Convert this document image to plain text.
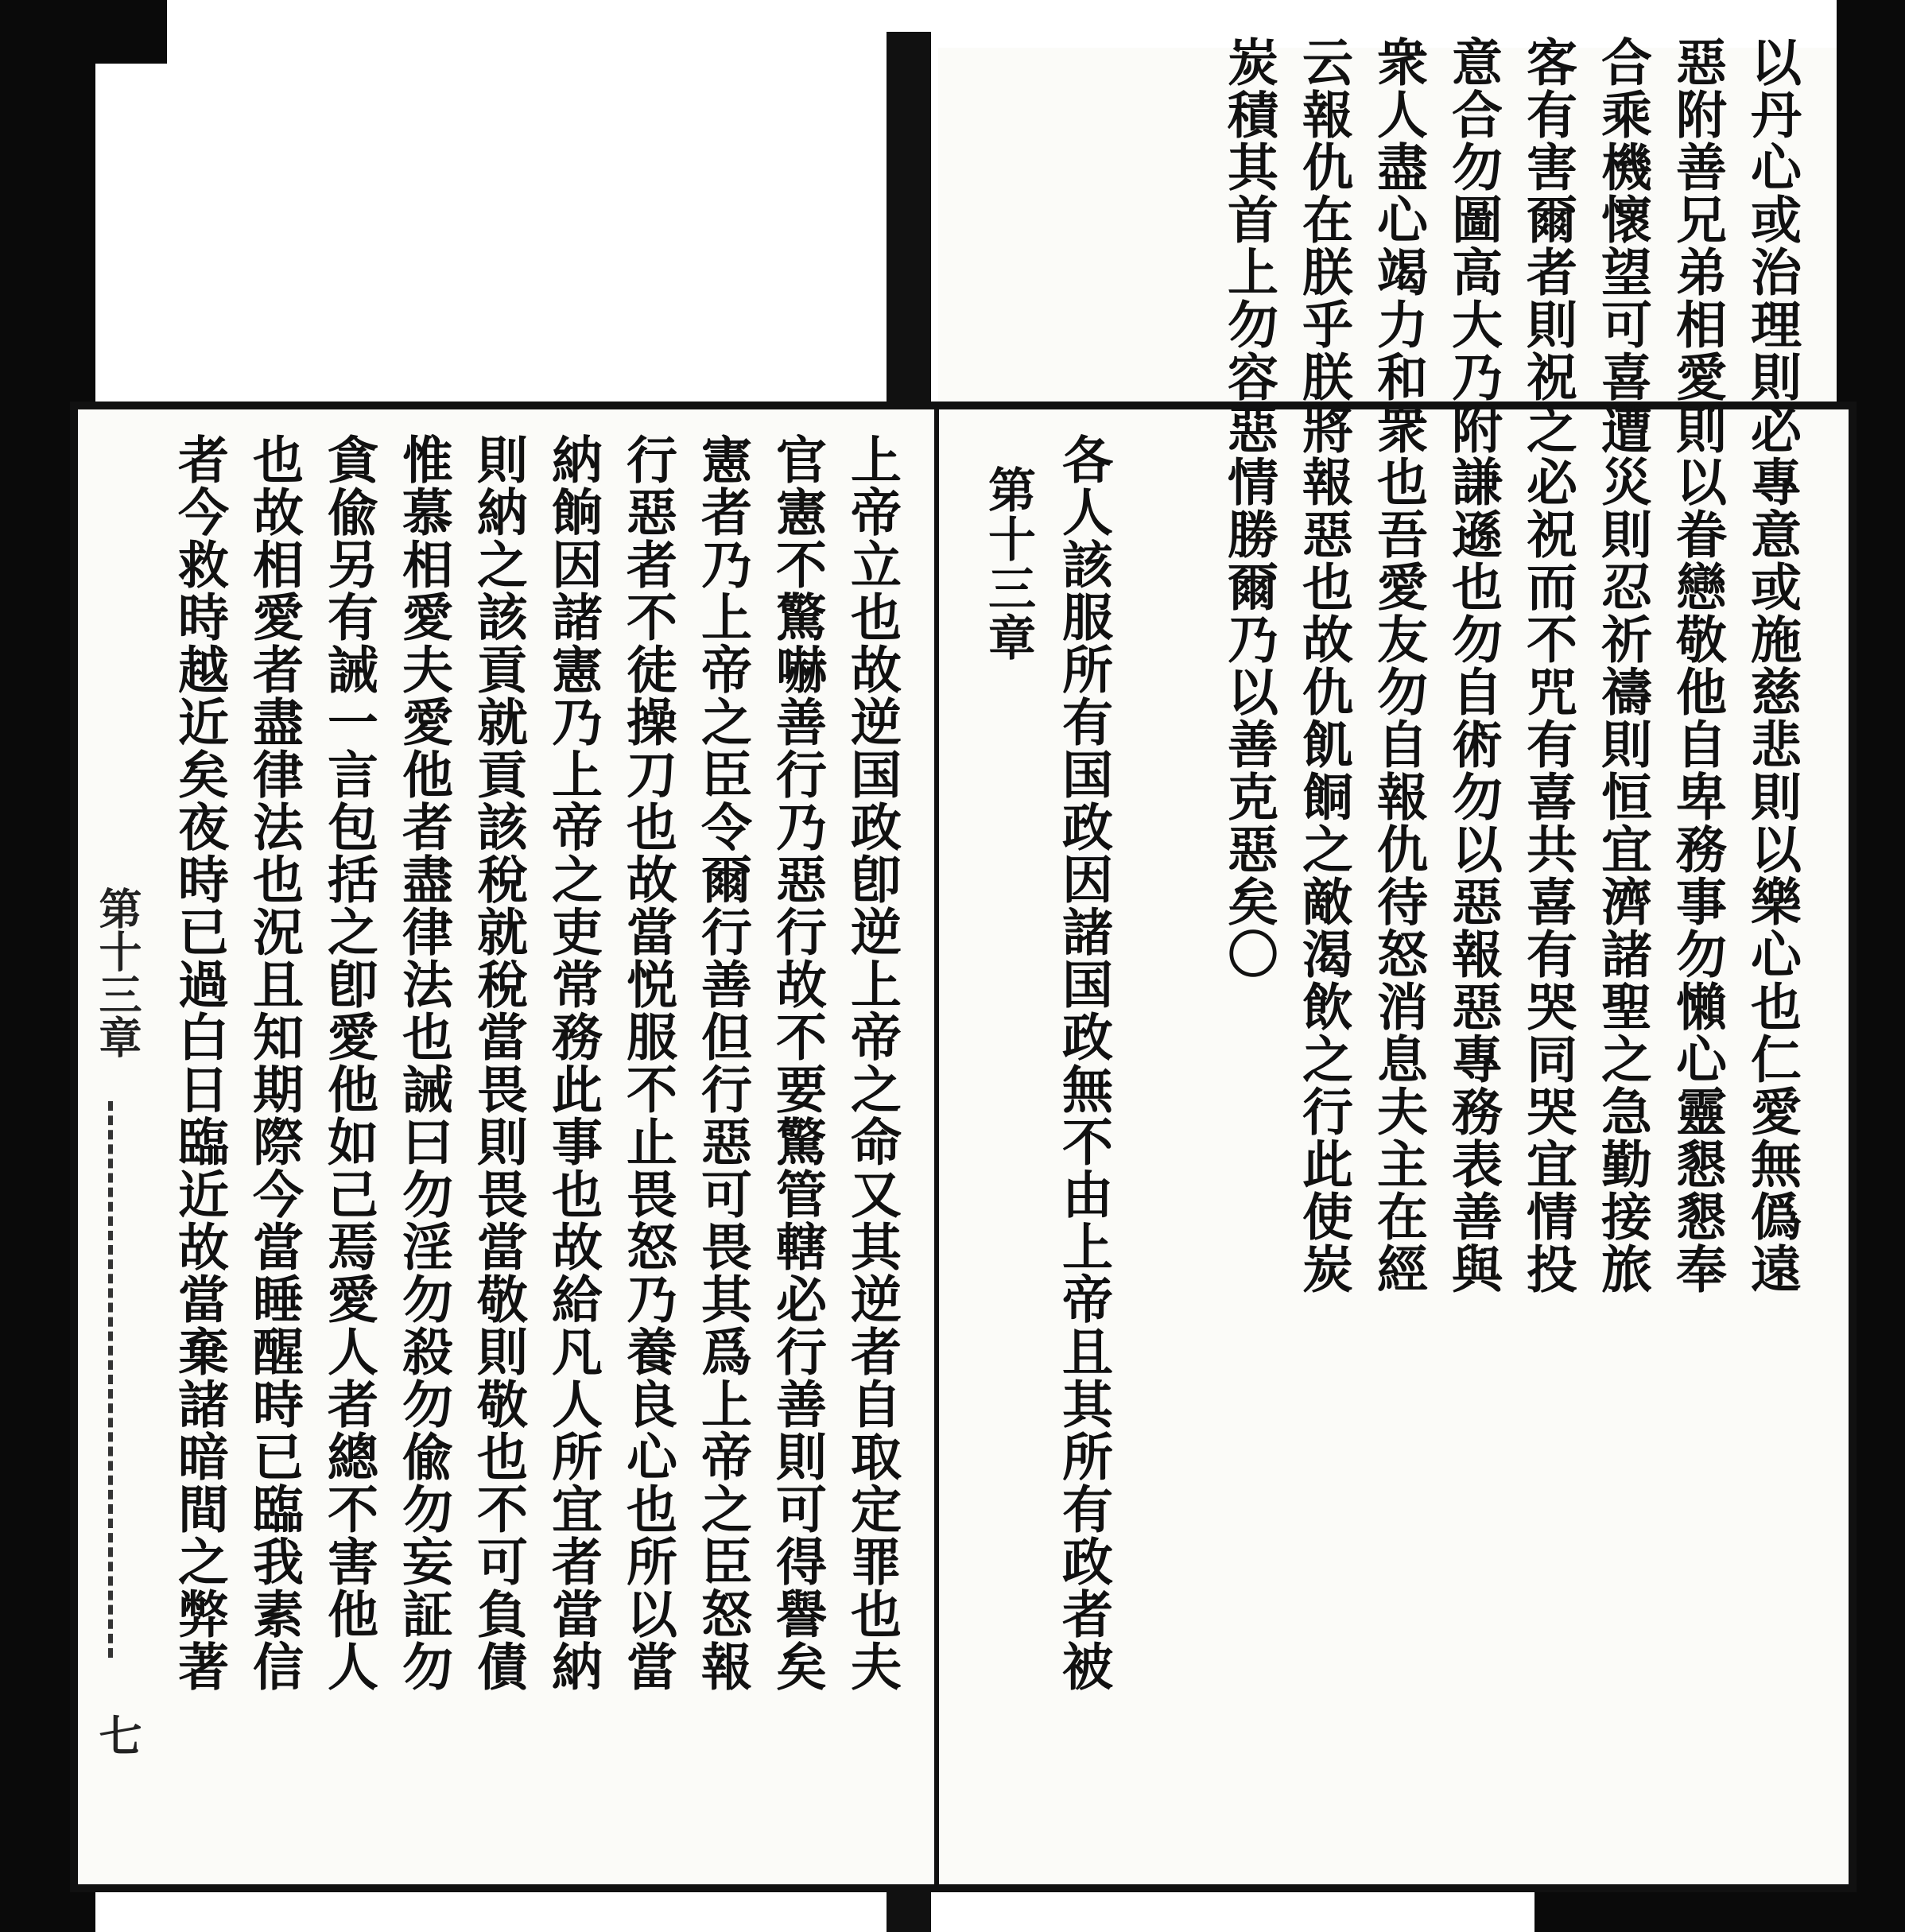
上帝立也故逆国政卽逆上帝之命又其逆者自取定罪也夫
官憲不驚嚇善行乃惡行故不要驚管轄必行善則可得譽矣
憲者乃上帝之臣令爾行善但行惡可畏其爲上帝之臣怒報
行惡者不徒操刀也故當悦服不止畏怒乃養良心也所以當
納餉因諸憲乃上帝之吏常務此事也故給凡人所宜者當納
則納之該貢就貢該稅就稅當畏則畏當敬則敬也不可負債
惟慕相愛夫愛他者盡律法也誡曰勿淫勿殺勿偸勿妄証勿
貪偸另有誡一言包括之卽愛他如己焉愛人者總不害他人
也故相愛者盡律法也況且知期際今當睡醒時已臨我素信
者今救時越近矣夜時已過白日臨近故當棄諸暗間之弊著
第十三章
七
以丹心或治理則必專意或施慈悲則以樂心也仁愛無僞遠
惡附善兄弟相愛則以眷戀敬他自卑務事勿懶心靈懇懇奉
合乘機懷望可喜遭災則忍祈禱則恒宜濟諸聖之急勤接旅
客有害爾者則祝之必祝而不咒有喜共喜有哭同哭宜情投
意合勿圖高大乃附謙遜也勿自術勿以惡報惡專務表善與
衆人盡心竭力和衆也吾愛友勿自報仇待怒消息夫主在經
云報仇在朕乎朕將報惡也故仇飢餇之敵渴飲之行此使炭
炭積其首上勿容惡情勝爾乃以善克惡矣〇
各人該服所有国政因諸国政無不由上帝且其所有政者被
第十三章
